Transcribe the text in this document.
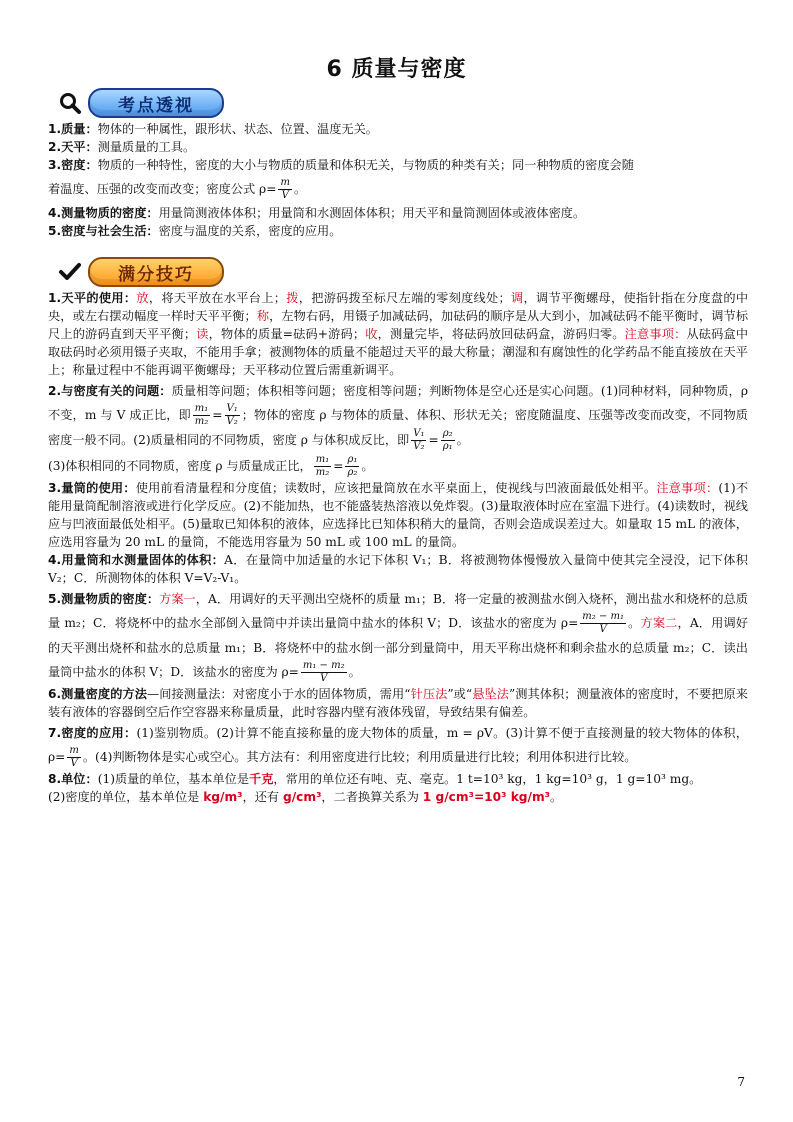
6 质量与密度
考点透视

1.质量：物体的一种属性，跟形状、状态、位置、温度无关。

2.天平：测量质量的工具。

3.密度：物质的一种特性，密度的大小与物质的质量和体积无关，与物质的种类有关；同一种物质的密度会随

着温度、压强的改变而改变；密度公式 $\rho= \frac{m}{V}$ 。

4.测量物质的密度：用量筒测液体体积；用量筒和水测固体体积；用天平和量筒测固体或液体密度。

5.密度与社会生活：密度与温度的关系，密度的应用。

满分技巧

1.天平的使用：放，将天平放在水平台上；拨，把游码拨至标尺左端的零刻度线处；调，调节平衡螺母，使指针指在分度盘的中央，或左右摆动幅度一样时天平平衡；称，左物右码，用镊子加减砝码，加砝码的顺序是从大到小，加减砝码不能平衡时，调节标尺上的游码直到天平平衡；读，物体的质量=砝码+游码；收，测量完毕，将砝码放回砝码盒，游码归零。注意事项：从砝码盒中取砝码时必须用镊子夹取，不能用手拿；被测物体的质量不能超过天平的最大称量；潮湿和有腐蚀性的化学药品不能直接放在天平上；称量过程中不能再调平衡螺母；天平移动位置后需重新调平。

2.与密度有关的问题：质量相等问题；体积相等问题；密度相等问题；判断物体是空心还是实心问题。(1)同种材料，同种物质，ρ 不变，m 与 V 成正比，即 $\frac{\text{m₁}}{\text{m₂}} = \frac{\text{V₁}}{\text{V₂}}$ ；物体的密度 ρ 与物体的质量、体积、形状无关；密度随温度、压强等改变而改变，不同物质密度一般不同。(2)质量相同的不同物质，密度 ρ 与体积成反比，即 $\frac{\text{V₁}}{\text{V₂}} = \frac{\text{ρ₂}}{\text{ρ₁}}$ 。

(3)体积相同的不同物质，密度 ρ 与质量成正比， $\frac{\text{m₁}}{\text{m₂}} = \frac{\text{ρ₁}}{\text{ρ₂}}$ 。

3.量筒的使用：使用前看清量程和分度值；读数时，应该把量筒放在水平桌面上，使视线与凹液面最低处相平。注意事项：(1)不能用量筒配制溶液或进行化学反应。(2)不能加热，也不能盛装热溶液以免炸裂。(3)量取液体时应在室温下进行。(4)读数时，视线应与凹液面最低处相平。(5)量取已知体积的液体，应选择比已知体积稍大的量筒，否则会造成误差过大。如量取 15 mL 的液体，应选用容量为 20 mL 的量筒，不能选用容量为 50 mL 或 100 mL 的量筒。

4.用量筒和水测量固体的体积：A．在量筒中加适量的水记下体积 V₁；B．将被测物体慢慢放入量筒中使其完全浸没，记下体积 V₂；C．所测物体的体积 V=V₂-V₁。

5.测量物质的密度：方案一，A．用调好的天平测出空烧杯的质量 m₁；B．将一定量的被测盐水倒入烧杯，测出盐水和烧杯的总质量 m₂；C．将烧杯中的盐水全部倒入量筒中并读出量筒中盐水的体积 V；D．该盐水的密度为 $\rho= \frac{\text{m₂ − m₁}}{V}$ 。方案二，A．用调好的天平测出烧杯和盐水的总质量 m₁；B．将烧杯中的盐水倒一部分到量筒中，用天平称出烧杯和剩余盐水的总质量 m₂；C．读出量筒中盐水的体积 V；D．该盐水的密度为 $\rho= \frac{\text{m₁ − m₂}}{V}$ 。

6.测量密度的方法—间接测量法：对密度小于水的固体物质，需用“针压法”或“悬坠法”测其体积；测量液体的密度时，不要把原来装有液体的容器倒空后作空容器来称量质量，此时容器内壁有液体残留，导致结果有偏差。

7.密度的应用：(1)鉴别物质。(2)计算不能直接称量的庞大物体的质量，m = ρV。(3)计算不便于直接测量的较大物体的体积，$\rho= \frac{m}{V}$ 。(4)判断物体是实心或空心。其方法有：利用密度进行比较；利用质量进行比较；利用体积进行比较。

8.单位：(1)质量的单位，基本单位是千克，常用的单位还有吨、克、毫克。1 t=10³ kg，1 kg=10³ g，1 g=10³ mg。

(2)密度的单位，基本单位是 kg/m³，还有 g/cm³，二者换算关系为 1 g/cm³=10³ kg/m³。

7
